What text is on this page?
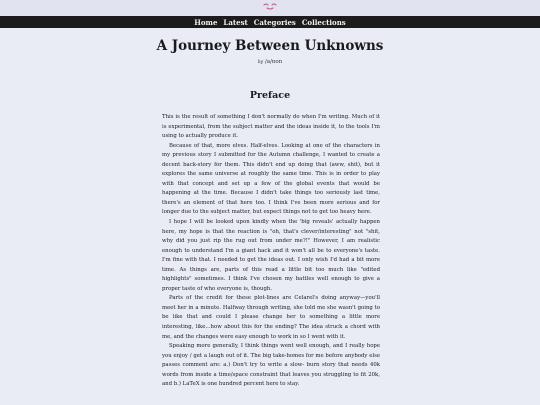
Home Latest Categories Collections
A Journey Between Unknowns
by /a/non
Preface

This is the result of something I don't normally do when I'm writing. Much of it is experimental, from the subject matter and the ideas inside it, to the tools I'm using to actually produce it.

Because of that, more elves. Half-elves. Looking at one of the characters in my previous story I submitted for the Autumn challenge, I wanted to create a decent back-story for them. This didn't end up doing that (aww, shit), but it explores the same universe at roughly the same time. This is in order to play with that concept and set up a few of the global events that would be happening at the time. Because I didn't take things too seriously last time, there's an element of that here too. I think I've been more serious and for longer due to the subject matter, but expect things not to get too heavy here.

I hope I will be looked upon kindly when the 'big reveals' actually happen here, my hope is that the reaction is "oh, that's clever/interesting" not "shit, why did you just rip the rug out from under me?!" However, I am realistic enough to understand I'm a giant hack and it won't all be to everyone's taste. I'm fine with that. I needed to get the ideas out. I only wish I'd had a bit more time. As things are, parts of this read a little bit too much like "edited highlights" sometimes. I think I've chosen my battles well enough to give a proper taste of who everyone is, though.

Parts of the credit for these plot-lines are Celarel's doing anyway—you'll meet her in a minute. Halfway through writing, she told me she wasn't going to be like that and could I please change her to something a little more interesting, like...how about this for the ending? The idea struck a chord with me, and the changes were easy enough to work in so I went with it.

Speaking more generally, I think things went well enough, and I really hope you enjoy / get a laugh out of it. The big take-homes for me before anybody else passes comment are: a.) Don't try to write a slow- burn story that needs 40k words from inside a time/space constraint that leaves you struggling to fit 20k, and b.) LaTeX is one hundred percent here to stay.
